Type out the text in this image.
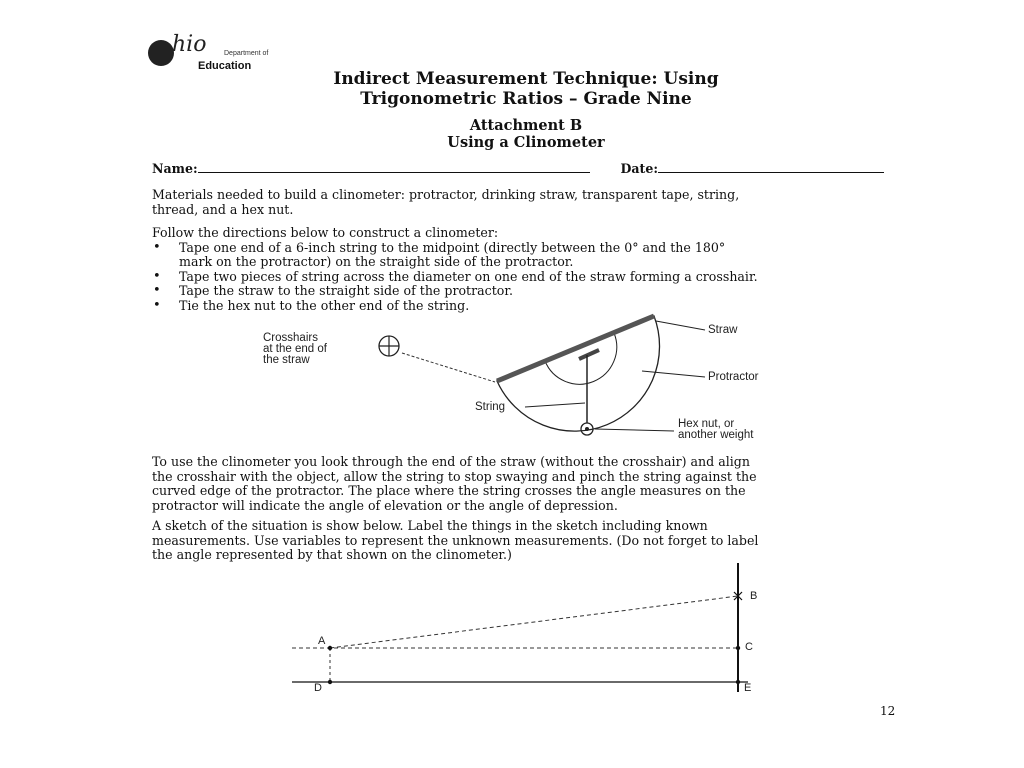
hio	Department of
Education
Indirect Measurement Technique: Using
Trigonometric Ratios – Grade Nine
Attachment B
Using a Clinometer
Name:	Date:
Materials needed to build a clinometer: protractor, drinking straw, transparent tape, string,
thread, and a hex nut.
Follow the directions below to construct a clinometer:
• Tape one end of a 6-inch string to the midpoint (directly between the 0° and the 180°
mark on the protractor) on the straight side of the protractor.
• Tape two pieces of string across the diameter on one end of the straw forming a crosshair.
• Tape the straw to the straight side of the protractor.
• Tie the hex nut to the other end of the string.
Crosshairs
at the end of
the straw
Straw
Protractor
String
Hex nut, or
another weight
To use the clinometer you look through the end of the straw (without the crosshair) and align
the crosshair with the object, allow the string to stop swaying and pinch the string against the
curved edge of the protractor. The place where the string crosses the angle measures on the
protractor will indicate the angle of elevation or the angle of depression.
A sketch of the situation is show below. Label the things in the sketch including known
measurements. Use variables to represent the unknown measurements. (Do not forget to label
the angle represented by that shown on the clinometer.)
A
B
C
D	E
12
